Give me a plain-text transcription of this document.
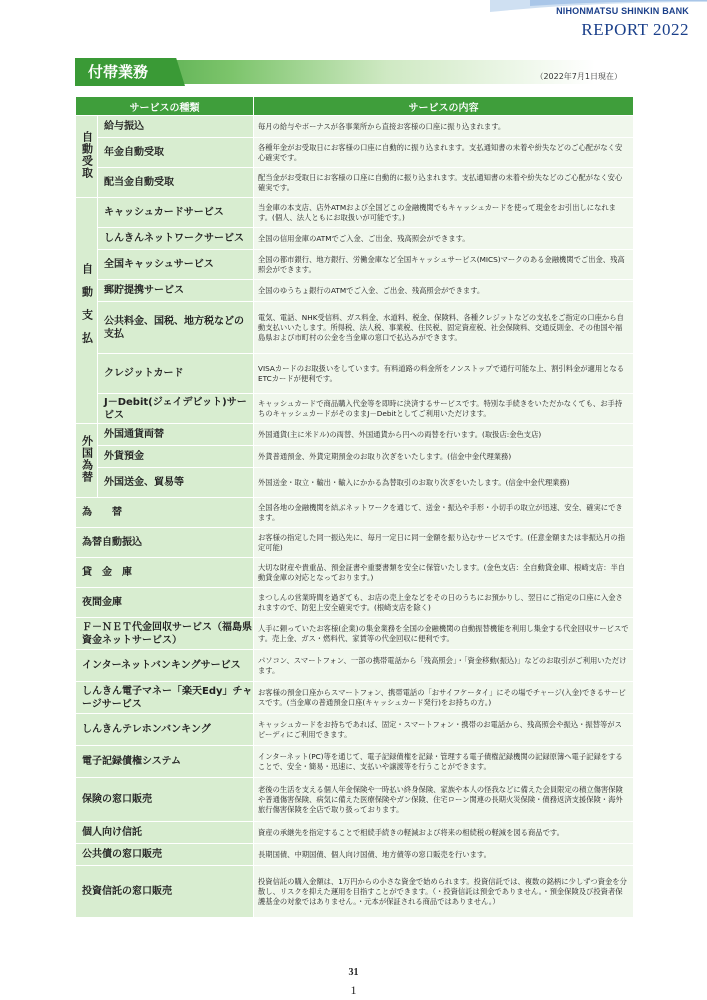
NIHONMATSU SHINKIN BANK
REPORT 2022
付帯業務	（2022年7月1日現在）
サービスの種類		サービスの内容
自動受取	給与振込	毎月の給与やボーナスが各事業所から直接お客様の口座に振り込まれます。
	年金自動受取	各種年金がお受取日にお客様の口座に自動的に振り込まれます。支払通知書の未着や紛失などのご心配がなく安心確実です。
	配当金自動受取	配当金がお受取日にお客様の口座に自動的に振り込まれます。支払通知書の未着や紛失などのご心配がなく安心確実です。
自動支払	キャッシュカードサービス	当金庫の本支店、店外ATMおよび全国どこの金融機関でもキャッシュカードを使って現金をお引出しになれます。(個人、法人ともにお取扱いが可能です。)
	しんきんネットワークサービス	全国の信用金庫のATMでご入金、ご出金、残高照会ができます。
	全国キャッシュサービス	全国の都市銀行、地方銀行、労働金庫など全国キャッシュサービス(MICS)マークのある金融機関でご出金、残高照会ができます。
	郵貯提携サービス	全国のゆうちょ銀行のATMでご入金、ご出金、残高照会ができます。
	公共料金、国税、地方税などの支払	電気、電話、NHK受信料、ガス料金、水道料、税金、保険料、各種クレジットなどの支払をご指定の口座から自動支払いいたします。所得税、法人税、事業税、住民税、固定資産税、社会保険料、交通反則金、その他国や福島県および市町村の公金を当金庫の窓口で払込みができます。
	クレジットカード	VISAカードのお取扱いをしています。有料道路の料金所をノンストップで通行可能な上、割引料金が適用となるETCカードが便利です。
	J－Debit(ジェイデビット)サービス	キャッシュカードで商品購入代金等を即時に決済するサービスです。特別な手続きをいただかなくても、お手持ちのキャッシュカードがそのままJ－Debitとしてご利用いただけます。
外国為替	外国通貨両替	外国通貨(主に米ドル)の両替、外国通貨から円への両替を行います。(取扱店:金色支店)
	外貨預金	外貨普通預金、外貨定期預金のお取り次ぎをいたします。(信金中金代理業務)
	外国送金、貿易等	外国送金・取立・輸出・輸入にかかる為替取引のお取り次ぎをいたします。(信金中金代理業務)
為　　替		全国各地の金融機関を結ぶネットワークを通じて、送金・振込や手形・小切手の取立が迅速、安全、確実にできます。
為替自動振込		お客様の指定した同一振込先に、毎月一定日に同一金額を振り込むサービスです。(任意金額または非振込月の指定可能)
貸　金　庫		大切な財産や貴重品、預金証書や重要書類を安全に保管いたします。(金色支店：全自動貸金庫、根崎支店：半自動貸金庫の対応となっております。)
夜間金庫		まつしんの営業時間を過ぎても、お店の売上金などをその日のうちにお預かりし、翌日にご指定の口座に入金されますので、防犯上安全確実です。(根崎支店を除く)
Ｆ－ＮＥＴ代金回収サービス（福島県資金ネットサービス）		人手に頼っていたお客様(企業)の集金業務を全国の金融機関の自動振替機能を利用し集金する代金回収サービスです。売上金、ガス・燃料代、家賃等の代金回収に便利です。
インターネットバンキングサービス		パソコン、スマートフォン、一部の携帯電話から「残高照会」・「資金移動(振込)」などのお取引がご利用いただけます。
しんきん電子マネー「楽天Edy」チャージサービス		お客様の預金口座からスマートフォン、携帯電話の「おサイフケータイ」にその場でチャージ(入金)できるサービスです。(当金庫の普通預金口座(キャッシュカード発行)をお持ちの方。)
しんきんテレホンバンキング		キャッシュカードをお持ちであれば、固定・スマートフォン・携帯のお電話から、残高照会や振込・振替等がスピーディにご利用できます。
電子記録債権システム		インターネット(PC)等を通じて、電子記録債権を記録・管理する電子債権記録機関の記録原簿へ電子記録をすることで、安全・簡易・迅速に、支払いや譲渡等を行うことができます。
保険の窓口販売		老後の生活を支える個人年金保険や一時払い終身保険、家族や本人の怪我などに備えた会員限定の積立傷害保険や普通傷害保険、病気に備えた医療保険やガン保険、住宅ローン関連の長期火災保険・債務返済支援保険・海外旅行傷害保険を全店で取り扱っております。
個人向け信託		資産の承継先を指定することで相続手続きの軽減および将来の相続税の軽減を図る商品です。
公共債の窓口販売		長期国債、中期国債、個人向け国債、地方債等の窓口販売を行います。
投資信託の窓口販売		投資信託の購入金額は、1万円からの小さな資金で始められます。投資信託では、複数の銘柄に少しずつ資金を分散し、リスクを抑えた運用を目指すことができます。（・投資信託は預金でありません。・預金保険及び投資者保護基金の対象ではありません。・元本が保証される商品ではありません。）
31
1
